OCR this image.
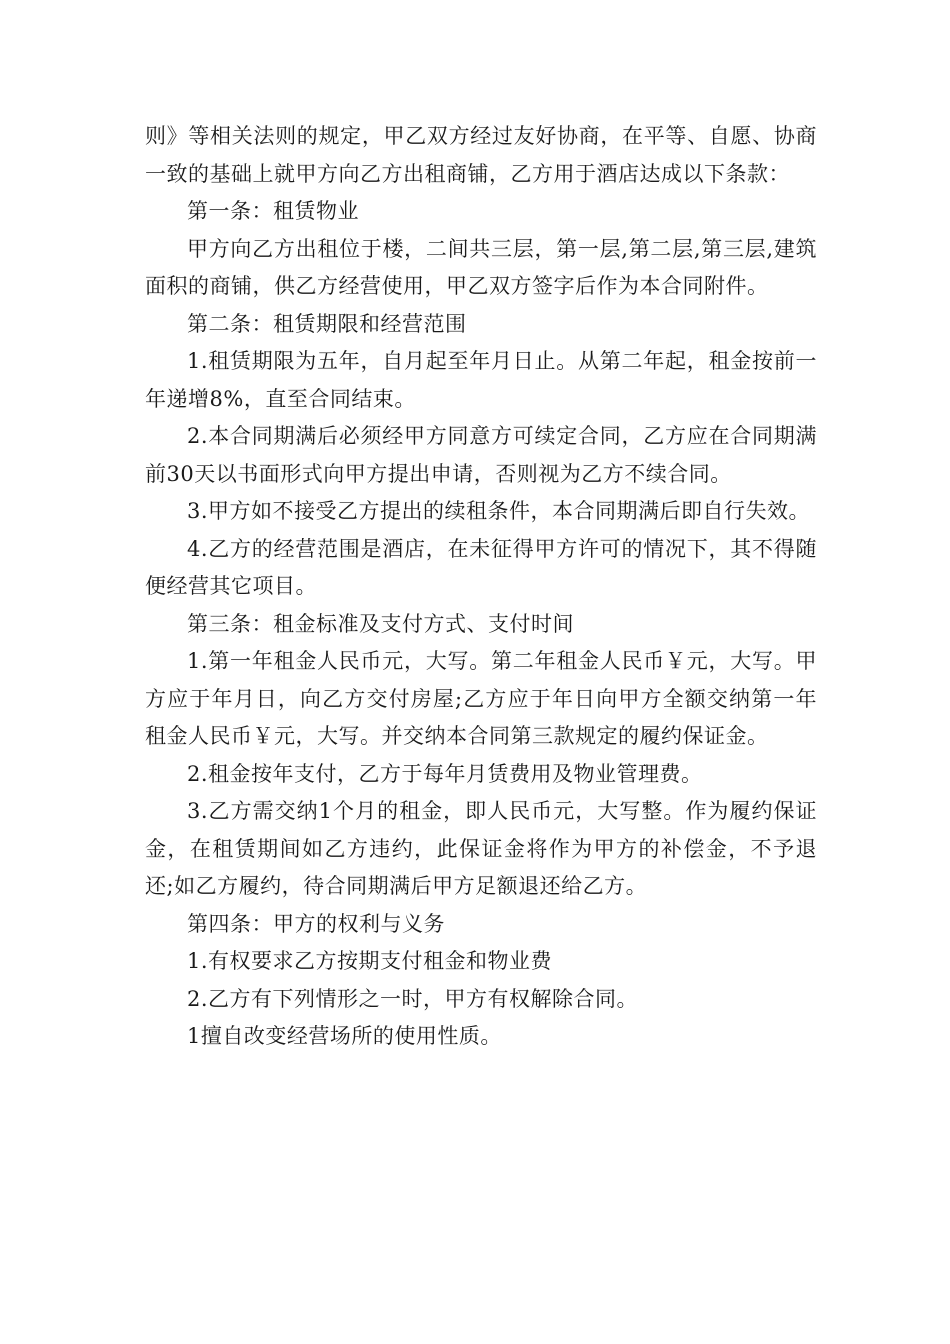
则》等相关法则的规定，甲乙双方经过友好协商，在平等、自愿、协商一致的基础上就甲方向乙方出租商铺，乙方用于酒店达成以下条款：

第一条：租赁物业

甲方向乙方出租位于楼，二间共三层，第一层,第二层,第三层,建筑面积的商铺，供乙方经营使用，甲乙双方签字后作为本合同附件。

第二条：租赁期限和经营范围

1.租赁期限为五年，自月起至年月日止。从第二年起，租金按前一年递增8%，直至合同结束。

2.本合同期满后必须经甲方同意方可续定合同，乙方应在合同期满前30天以书面形式向甲方提出申请，否则视为乙方不续合同。

3.甲方如不接受乙方提出的续租条件，本合同期满后即自行失效。

4.乙方的经营范围是酒店，在未征得甲方许可的情况下，其不得随便经营其它项目。

第三条：租金标准及支付方式、支付时间

1.第一年租金人民币元，大写。第二年租金人民币￥元，大写。甲方应于年月日，向乙方交付房屋;乙方应于年日向甲方全额交纳第一年租金人民币￥元，大写。并交纳本合同第三款规定的履约保证金。

2.租金按年支付，乙方于每年月赁费用及物业管理费。

3.乙方需交纳1个月的租金，即人民币元，大写整。作为履约保证金，在租赁期间如乙方违约，此保证金将作为甲方的补偿金，不予退还;如乙方履约，待合同期满后甲方足额退还给乙方。

第四条：甲方的权利与义务

1.有权要求乙方按期支付租金和物业费

2.乙方有下列情形之一时，甲方有权解除合同。

1擅自改变经营场所的使用性质。
